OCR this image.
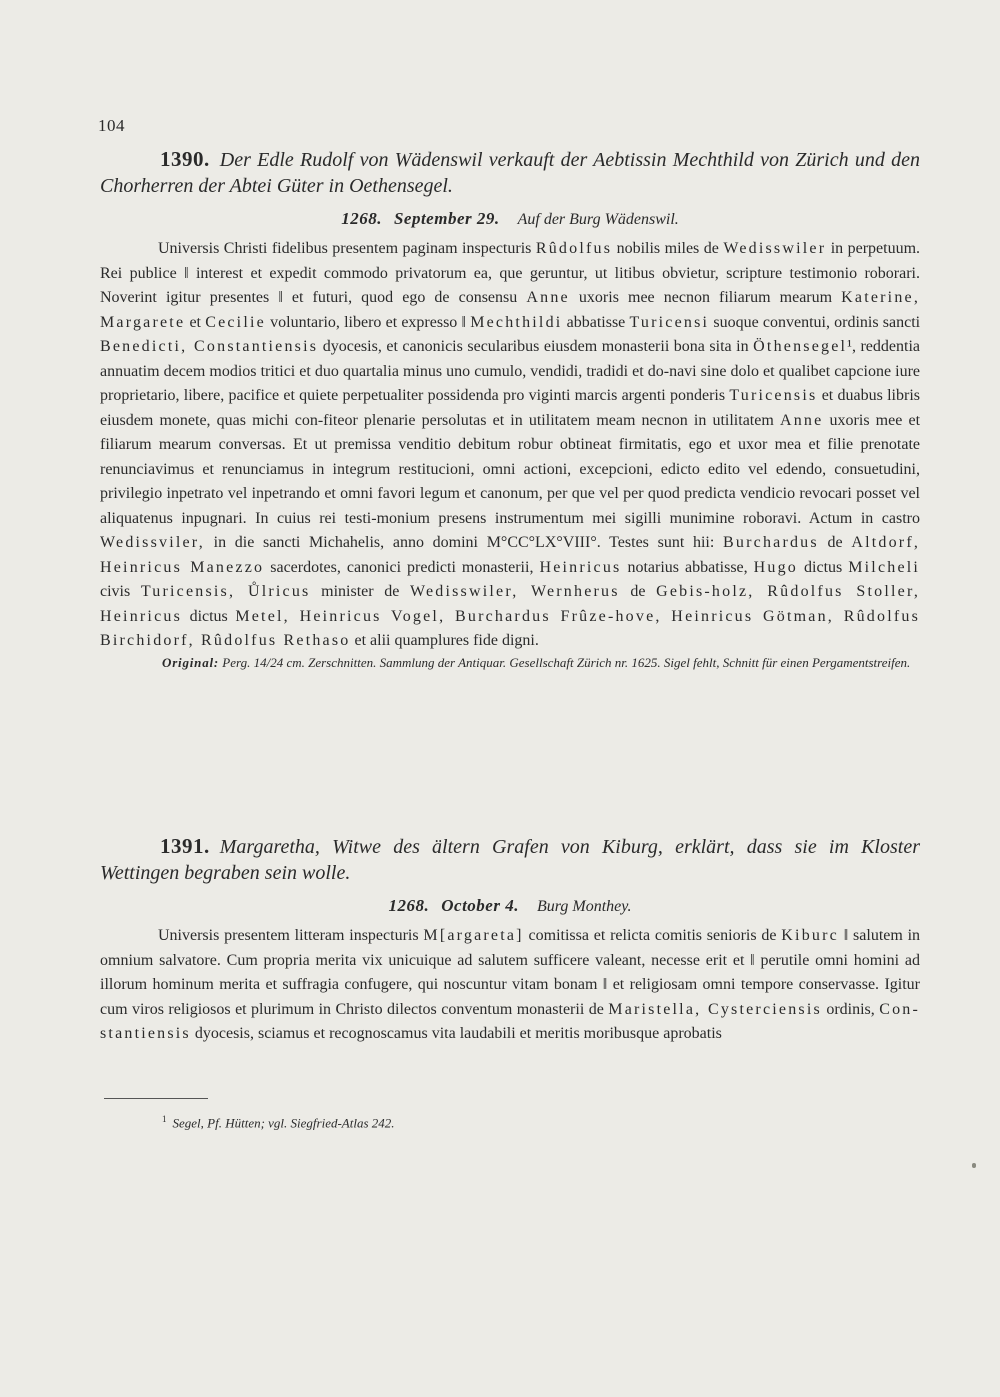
104

1390. Der Edle Rudolf von Wädenswil verkauft der Aebtissin Mechthild von Zürich und den Chorherren der Abtei Güter in Oethensegel.

1268. September 29. Auf der Burg Wädenswil.

Universis Christi fidelibus presentem paginam inspecturis Rûdolfus nobilis miles de Wedisswiler in perpetuum. Rei publice ‖ interest et expedit commodo privatorum ea, que geruntur, ut litibus obvietur, scripture testimonio roborari. Noverint igitur presentes ‖ et futuri, quod ego de consensu Anne uxoris mee necnon filiarum mearum Katerine, Margarete et Cecilie voluntario, libero et expresso ‖ Mechthildi abbatisse Turicensi suoque conventui, ordinis sancti Benedicti, Constantiensis dyocesis, et canonicis secularibus eiusdem monasterii bona sita in Öthensegel¹, reddentia annuatim decem modios tritici et duo quartalia minus uno cumulo, vendidi, tradidi et do-navi sine dolo et qualibet capcione iure proprietario, libere, pacifice et quiete perpetualiter possidenda pro viginti marcis argenti ponderis Turicensis et duabus libris eiusdem monete, quas michi con-fiteor plenarie persolutas et in utilitatem meam necnon in utilitatem Anne uxoris mee et filiarum mearum conversas. Et ut premissa venditio debitum robur obtineat firmitatis, ego et uxor mea et filie prenotate renunciavimus et renunciamus in integrum restitucioni, omni actioni, excepcioni, edicto edito vel edendo, consuetudini, privilegio inpetrato vel inpetrando et omni favori legum et canonum, per que vel per quod predicta vendicio revocari posset vel aliquatenus inpugnari. In cuius rei testi-monium presens instrumentum mei sigilli munimine roboravi. Actum in castro Wedissviler, in die sancti Michahelis, anno domini M°CC°LX°VIII°. Testes sunt hii: Burchardus de Altdorf, Heinricus Manezzo sacerdotes, canonici predicti monasterii, Heinricus notarius abbatisse, Hugo dictus Milcheli civis Turicensis, Ůlricus minister de Wedisswiler, Wernherus de Gebis-holz, Rûdolfus Stoller, Heinricus dictus Metel, Heinricus Vogel, Burchardus Frûze-hove, Heinricus Götman, Rûdolfus Birchidorf, Rûdolfus Rethaso et alii quamplures fide digni.

Original: Perg. 14/24 cm. Zerschnitten. Sammlung der Antiquar. Gesellschaft Zürich nr. 1625. Sigel fehlt, Schnitt für einen Pergamentstreifen.

1391. Margaretha, Witwe des ältern Grafen von Kiburg, erklärt, dass sie im Kloster Wettingen begraben sein wolle.

1268. October 4. Burg Monthey.

Universis presentem litteram inspecturis M[argareta] comitissa et relicta comitis senioris de Kiburc ‖ salutem in omnium salvatore. Cum propria merita vix unicuique ad salutem sufficere valeant, necesse erit et ‖ perutile omni homini ad illorum hominum merita et suffragia confugere, qui noscuntur vitam bonam ‖ et religiosam omni tempore conservasse. Igitur cum viros religiosos et plurimum in Christo dilectos conventum monasterii de Maristella, Cysterciensis ordinis, Con-stantiensis dyocesis, sciamus et recognoscamus vita laudabili et meritis moribusque aprobatis

$^1$ Segel, Pf. Hütten; vgl. Siegfried-Atlas 242.
